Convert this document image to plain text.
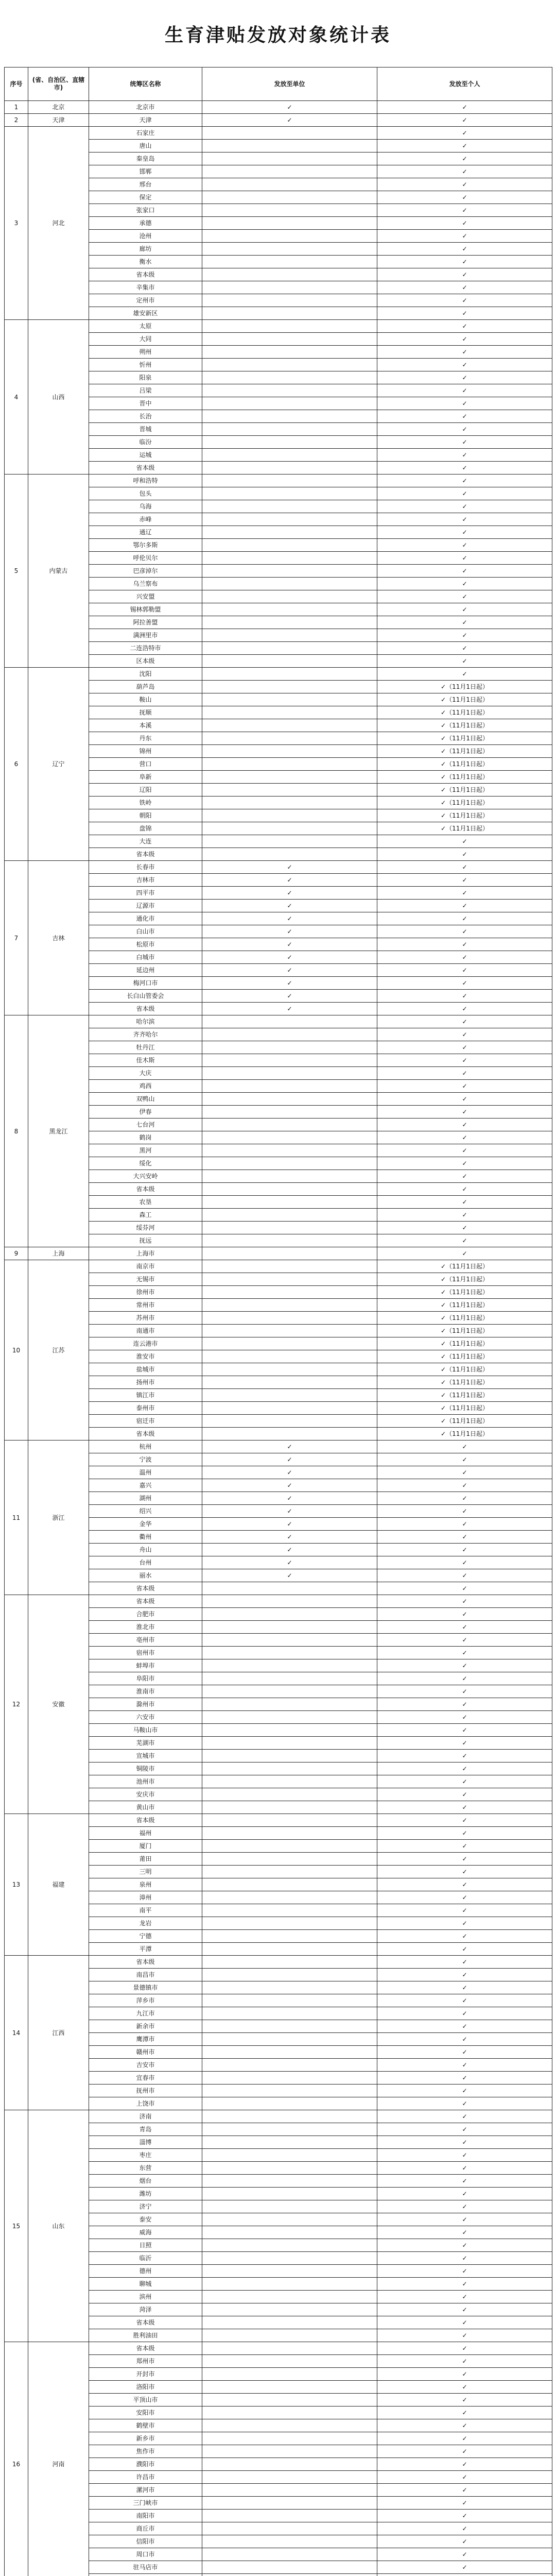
生育津贴发放对象统计表
序号	(省、自治区、直辖市)	统筹区名称	发放至单位	发放至个人
1	北京	北京市	✓	✓
2	天津	天津	✓	✓
3	河北	石家庄		✓
		唐山		✓
		秦皇岛		✓
		邯郸		✓
		邢台		✓
		保定		✓
		张家口		✓
		承德		✓
		沧州		✓
		廊坊		✓
		衡水		✓
		省本级		✓
		辛集市		✓
		定州市		✓
		雄安新区		✓
4	山西	太原		✓
		大同		✓
		朔州		✓
		忻州		✓
		阳泉		✓
		吕梁		✓
		晋中		✓
		长治		✓
		晋城		✓
		临汾		✓
		运城		✓
		省本级		✓
5	内蒙古	呼和浩特		✓
		包头		✓
		乌海		✓
		赤峰		✓
		通辽		✓
		鄂尔多斯		✓
		呼伦贝尔		✓
		巴彦淖尔		✓
		乌兰察布		✓
		兴安盟		✓
		锡林郭勒盟		✓
		阿拉善盟		✓
		满洲里市		✓
		二连浩特市		✓
		区本级		✓
6	辽宁	沈阳		✓
		葫芦岛		✓（11月1日起）
		鞍山		✓（11月1日起）
		抚顺		✓（11月1日起）
		本溪		✓（11月1日起）
		丹东		✓（11月1日起）
		锦州		✓（11月1日起）
		营口		✓（11月1日起）
		阜新		✓（11月1日起）
		辽阳		✓（11月1日起）
		铁岭		✓（11月1日起）
		朝阳		✓（11月1日起）
		盘锦		✓（11月1日起）
		大连		✓
		省本级		✓
7	吉林	长春市	✓	✓
		吉林市	✓	✓
		四平市	✓	✓
		辽源市	✓	✓
		通化市	✓	✓
		白山市	✓	✓
		松原市	✓	✓
		白城市	✓	✓
		延边州	✓	✓
		梅河口市	✓	✓
		长白山管委会	✓	✓
		省本级	✓	✓
8	黑龙江	哈尔滨		✓
		齐齐哈尔		✓
		牡丹江		✓
		佳木斯		✓
		大庆		✓
		鸡西		✓
		双鸭山		✓
		伊春		✓
		七台河		✓
		鹤岗		✓
		黑河		✓
		绥化		✓
		大兴安岭		✓
		省本级		✓
		农垦		✓
		森工		✓
		绥芬河		✓
		抚远		✓
9	上海	上海市		✓
10	江苏	南京市		✓（11月1日起）
		无锡市		✓（11月1日起）
		徐州市		✓（11月1日起）
		常州市		✓（11月1日起）
		苏州市		✓（11月1日起）
		南通市		✓（11月1日起）
		连云港市		✓（11月1日起）
		淮安市		✓（11月1日起）
		盐城市		✓（11月1日起）
		扬州市		✓（11月1日起）
		镇江市		✓（11月1日起）
		泰州市		✓（11月1日起）
		宿迁市		✓（11月1日起）
		省本级		✓（11月1日起）
11	浙江	杭州	✓	✓
		宁波	✓	✓
		温州	✓	✓
		嘉兴	✓	✓
		湖州	✓	✓
		绍兴	✓	✓
		金华	✓	✓
		衢州	✓	✓
		舟山	✓	✓
		台州	✓	✓
		丽水	✓	✓
		省本级		✓
12	安徽	省本级		✓
		合肥市		✓
		淮北市		✓
		亳州市		✓
		宿州市		✓
		蚌埠市		✓
		阜阳市		✓
		淮南市		✓
		滁州市		✓
		六安市		✓
		马鞍山市		✓
		芜湖市		✓
		宣城市		✓
		铜陵市		✓
		池州市		✓
		安庆市		✓
		黄山市		✓
13	福建	省本级		✓
		福州		✓
		厦门		✓
		莆田		✓
		三明		✓
		泉州		✓
		漳州		✓
		南平		✓
		龙岩		✓
		宁德		✓
		平潭		✓
14	江西	省本级		✓
		南昌市		✓
		景德镇市		✓
		萍乡市		✓
		九江市		✓
		新余市		✓
		鹰潭市		✓
		赣州市		✓
		吉安市		✓
		宜春市		✓
		抚州市		✓
		上饶市		✓
15	山东	济南		✓
		青岛		✓
		淄博		✓
		枣庄		✓
		东营		✓
		烟台		✓
		潍坊		✓
		济宁		✓
		泰安		✓
		威海		✓
		日照		✓
		临沂		✓
		德州		✓
		聊城		✓
		滨州		✓
		菏泽		✓
		省本级		✓
		胜利油田		✓
16	河南	省本级		✓
		郑州市		✓
		开封市		✓
		洛阳市		✓
		平顶山市		✓
		安阳市		✓
		鹤壁市		✓
		新乡市		✓
		焦作市		✓
		濮阳市		✓
		许昌市		✓
		漯河市		✓
		三门峡市		✓
		南阳市		✓
		商丘市		✓
		信阳市		✓
		周口市		✓
		驻马店市		✓
